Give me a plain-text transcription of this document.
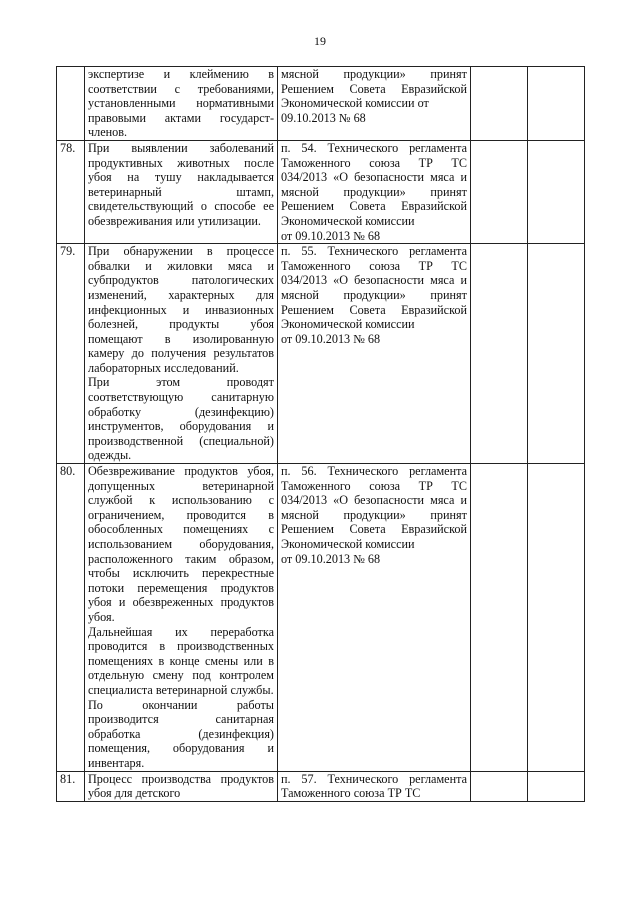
19

	экспертизе и клеймению в соответствии с требованиями, установленными нормативными правовыми актами государст-членов.	мясной продукции» принят Решением Совета Евразийской Экономической комиссии от
09.10.2013 № 68		

78.	При выявлении заболеваний продуктивных животных после убоя на тушу накладывается ветеринарный штамп, свидетельствующий о способе ее обезвреживания или утилизации.	п. 54. Технического регламента Таможенного союза ТР ТС 034/2013 «О безопасности мяса и мясной продукции» принят Решением Совета Евразийской Экономической комиссии
от 09.10.2013 № 68		

79.	При обнаружении в процессе обвалки и жиловки мяса и субпродуктов патологических изменений, характерных для инфекционных и инвазионных болезней, продукты убоя помещают в изолированную камеру до получения результатов лабораторных исследований.
При этом проводят соответствующую санитарную обработку (дезинфекцию) инструментов, оборудования и производственной (специальной) одежды.	п. 55. Технического регламента Таможенного союза ТР ТС 034/2013 «О безопасности мяса и мясной продукции» принят Решением Совета Евразийской Экономической комиссии
от 09.10.2013 № 68		

80.	Обезвреживание продуктов убоя, допущенных ветеринарной службой к использованию с ограничением, проводится в обособленных помещениях с использованием оборудования, расположенного таким образом, чтобы исключить перекрестные потоки перемещения продуктов убоя и обезвреженных продуктов убоя.
Дальнейшая их переработка проводится в производственных помещениях в конце смены или в отдельную смену под контролем специалиста ветеринарной службы.
По окончании работы производится санитарная обработка (дезинфекция) помещения, оборудования и инвентаря.	п. 56. Технического регламента Таможенного союза ТР ТС 034/2013 «О безопасности мяса и мясной продукции» принят Решением Совета Евразийской Экономической комиссии
от 09.10.2013 № 68		

81.	Процесс производства продуктов убоя для детского	п. 57. Технического регламента Таможенного союза ТР ТС		
